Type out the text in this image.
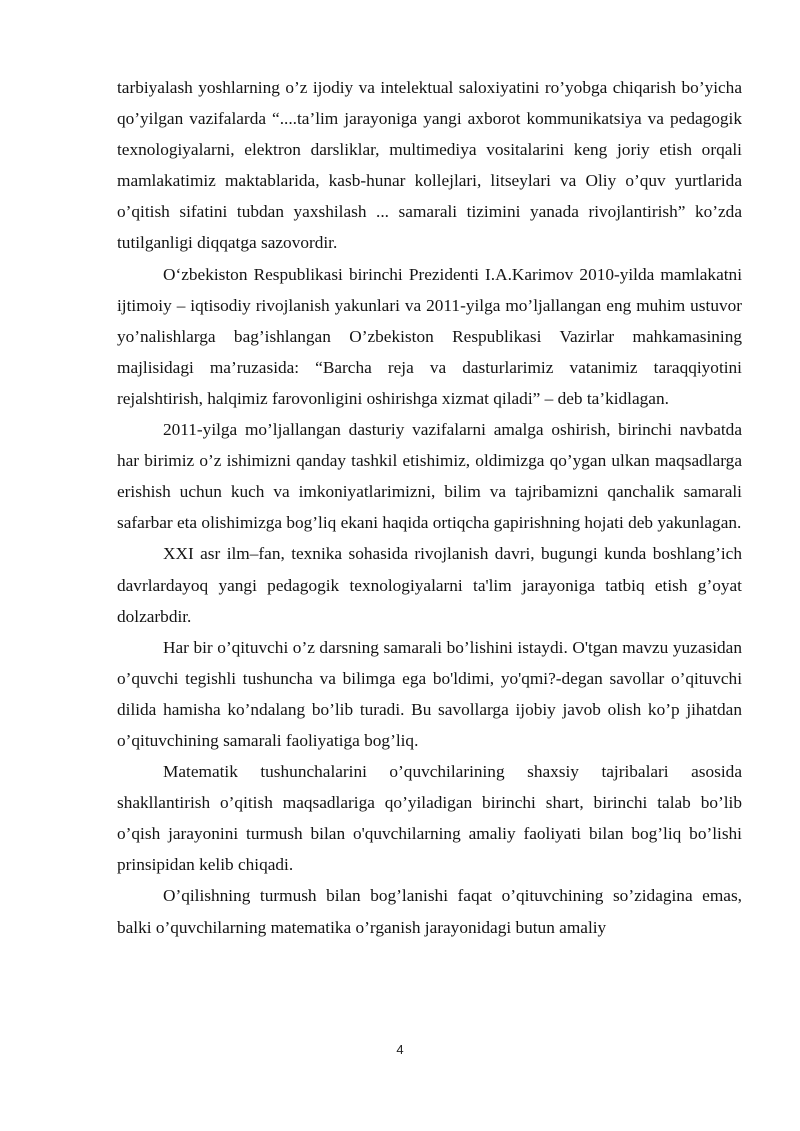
tarbiyalash yoshlarning o’z ijodiy va intelektual saloxiyatini ro’yobga chiqarish bo’yicha qo’yilgan vazifalarda “....ta’lim jarayoniga yangi axborot kommunikatsiya va pedagogik texnologiyalarni, elektron darsliklar, multimediya vositalarini keng joriy etish orqali mamlakatimiz maktablarida, kasb-hunar kollejlari, litseylari va Oliy o’quv yurtlarida o’qitish sifatini tubdan yaxshilash ... samarali tizimini yanada rivojlantirish” ko’zda tutilganligi diqqatga sazovordir.

O‘zbekiston Respublikasi birinchi Prezidenti I.A.Karimov 2010-yilda mamlakatni ijtimoiy – iqtisodiy rivojlanish yakunlari va 2011-yilga mo’ljallangan eng muhim ustuvor yo’nalishlarga bag’ishlangan O’zbekiston Respublikasi Vazirlar mahkamasining majlisidagi ma’ruzasida: “Barcha reja va dasturlarimiz vatanimiz taraqqiyotini rejalshtirish, halqimiz farovonligini oshirishga xizmat qiladi” – deb ta’kidlagan.

2011-yilga mo’ljallangan dasturiy vazifalarni amalga oshirish, birinchi navbatda har birimiz o’z ishimizni qanday tashkil etishimiz, oldimizga qo’ygan ulkan maqsadlarga erishish uchun kuch va imkoniyatlarimizni, bilim va tajribamizni qanchalik samarali safarbar eta olishimizga bog’liq ekani haqida ortiqcha gapirishning hojati deb yakunlagan.

XXI asr ilm–fan, texnika sohasida rivojlanish davri, bugungi kunda boshlang’ich davrlardayoq yangi pedagogik texnologiyalarni ta'lim jarayoniga tatbiq etish g’oyat dolzarbdir.

Har bir o’qituvchi o’z darsning samarali bo’lishini istaydi. O'tgan mavzu yuzasidan o’quvchi tegishli tushuncha va bilimga ega bo'ldimi, yo'qmi?-degan savollar o’qituvchi dilida hamisha ko’ndalang bo’lib turadi. Bu savollarga ijobiy javob olish ko’p jihatdan o’qituvchining samarali faoliyatiga bog’liq.

Matematik tushunchalarini o’quvchilarining shaxsiy tajribalari asosida shakllantirish o’qitish maqsadlariga qo’yiladigan birinchi shart, birinchi talab bo’lib o’qish jarayonini turmush bilan o'quvchilarning amaliy faoliyati bilan bog’liq bo’lishi prinsipidan kelib chiqadi.

O’qilishning turmush bilan bog’lanishi faqat o’qituvchining so’zidagina emas, balki o’quvchilarning matematika o’rganish jarayonidagi butun amaliy

4
